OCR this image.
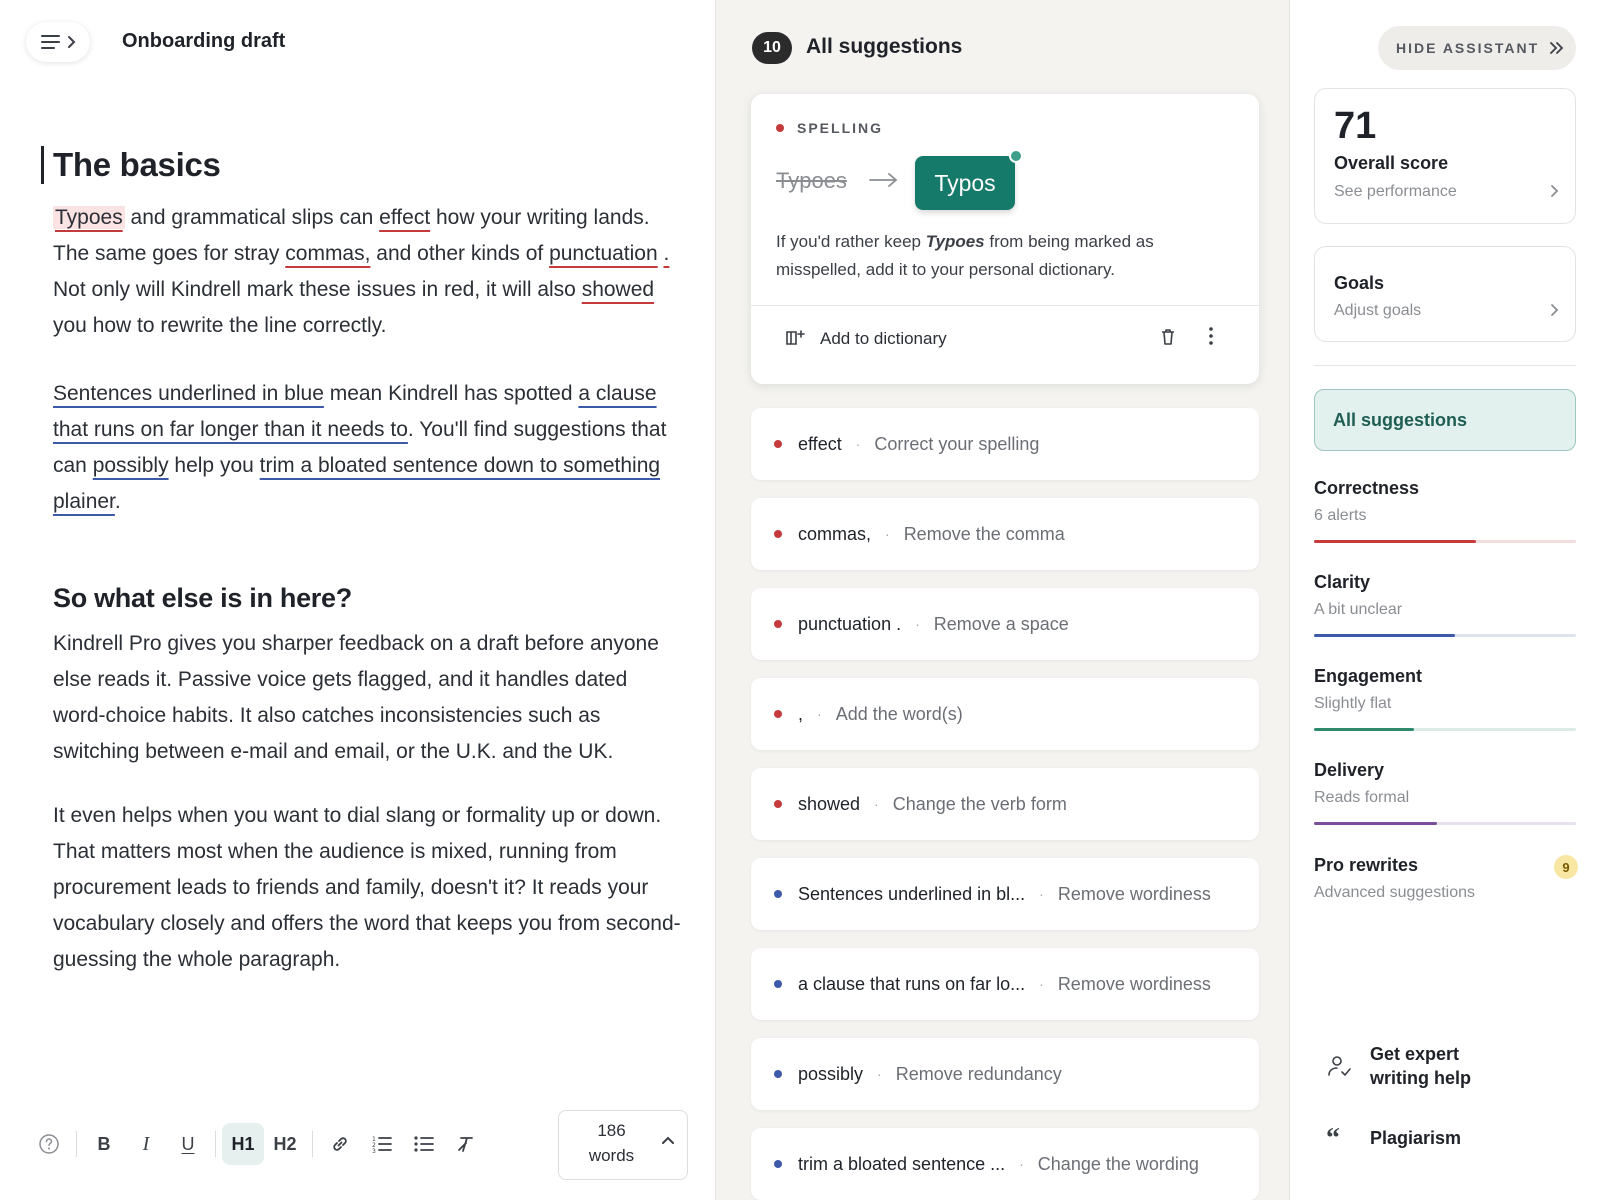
Onboarding draft
The basics

Typoes and grammatical slips can effect how your writing lands. The same goes for stray commas, and other kinds of punctuation . Not only will Kindrell mark these issues in red, it will also showed you how to rewrite the line correctly.

Sentences underlined in blue mean Kindrell has spotted a clause that runs on far longer than it needs to. You'll find suggestions that can possibly help you trim a bloated sentence down to something plainer.

So what else is in here?

Kindrell Pro gives you sharper feedback on a draft before anyone else reads it. Passive voice gets flagged, and it handles dated word-choice habits. It also catches inconsistencies such as switching between e-mail and email, or the U.K. and the UK.

It even helps when you want to dial slang or formality up or down. That matters most when the audience is mixed, running from procurement leads to friends and family, doesn't it? It reads your vocabulary closely and offers the word that keeps you from second-guessing the whole paragraph.

B	I	U	H1	H2	1
2
3
186
words
10	All suggestions
SPELLING
Typoes	Typos
If you'd rather keep Typoes from being marked as misspelled, add it to your personal dictionary.
Add to dictionary
effect · Correct your spelling
commas, · Remove the comma
punctuation . · Remove a space
, · Add the word(s)
showed · Change the verb form
Sentences underlined in bl... · Remove wordiness
a clause that runs on far lo... · Remove wordiness
possibly · Remove redundancy
trim a bloated sentence ... · Change the wording
HIDE ASSISTANT
71
Overall score
See performance
Goals
Adjust goals
All suggestions
Correctness
6 alerts
Clarity
A bit unclear
Engagement
Slightly flat
Delivery
Reads formal
Pro rewrites
Advanced suggestions
9
Get expert writing help
“	Plagiarism
